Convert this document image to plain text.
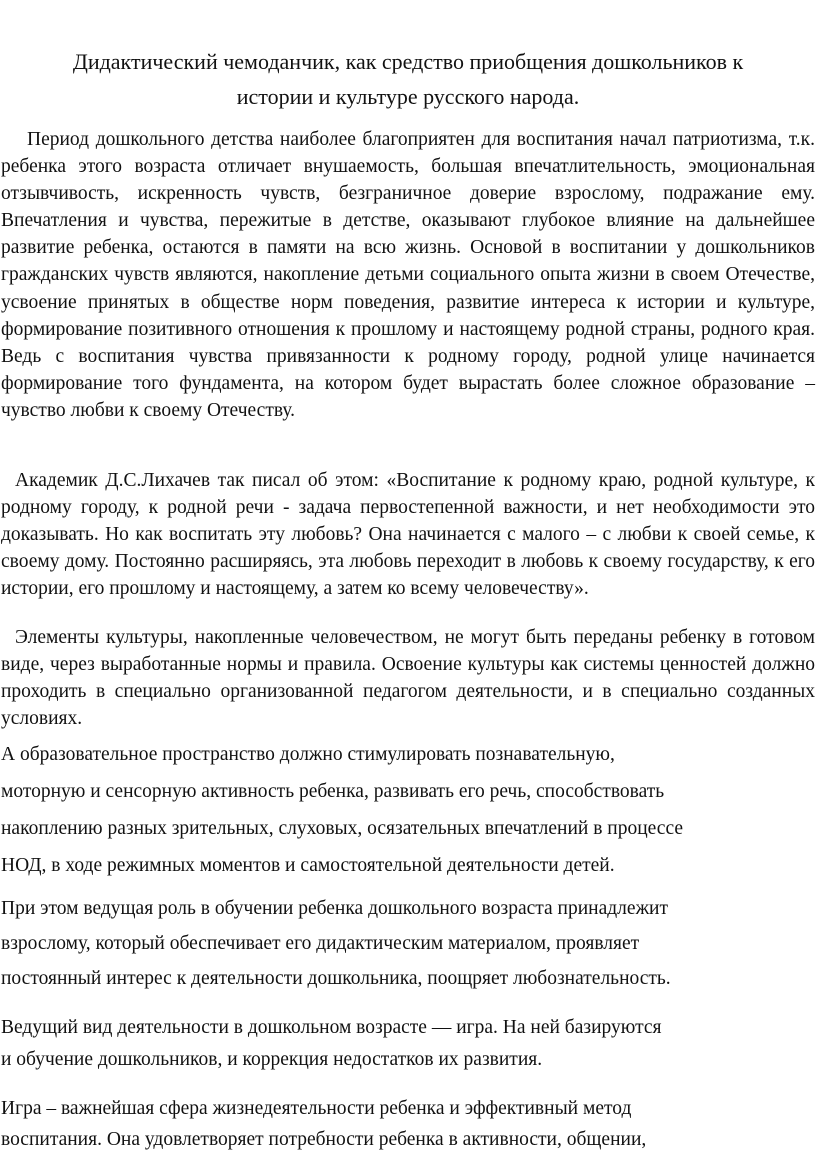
Дидактический чемоданчик, как средство приобщения дошкольников к
истории и культуре русского народа.

Период дошкольного детства наиболее благоприятен для воспитания начал патриотизма, т.к. ребенка этого возраста отличает внушаемость, большая впечатлительность, эмоциональная отзывчивость, искренность чувств, безграничное доверие взрослому, подражание ему. Впечатления и чувства, пережитые в детстве, оказывают глубокое влияние на дальнейшее развитие ребенка, остаются в памяти на всю жизнь. Основой в воспитании у дошкольников гражданских чувств являются, накопление детьми социального опыта жизни в своем Отечестве, усвоение принятых в обществе норм поведения, развитие интереса к истории и культуре, формирование позитивного отношения к прошлому и настоящему родной страны, родного края. Ведь с воспитания чувства привязанности к родному городу, родной улице начинается формирование того фундамента, на котором будет вырастать более сложное образование – чувство любви к своему Отечеству.

Академик Д.С.Лихачев так писал об этом: «Воспитание к родному краю, родной культуре, к родному городу, к родной речи - задача первостепенной важности, и нет необходимости это доказывать. Но как воспитать эту любовь? Она начинается с малого – с любви к своей семье, к своему дому. Постоянно расширяясь, эта любовь переходит в любовь к своему государству, к его истории, его прошлому и настоящему, а затем ко всему человечеству».

Элементы культуры, накопленные человечеством, не могут быть переданы ребенку в готовом виде, через выработанные нормы и правила. Освоение культуры как системы ценностей должно проходить в специально организованной педагогом деятельности, и в специально созданных условиях.

А образовательное пространство должно стимулировать познавательную,
моторную и сенсорную активность ребенка, развивать его речь, способствовать
накоплению разных зрительных, слуховых, осязательных впечатлений в процессе
НОД, в ходе режимных моментов и самостоятельной деятельности детей.
При этом ведущая роль в обучении ребенка дошкольного возраста принадлежит
взрослому, который обеспечивает его дидактическим материалом, проявляет
постоянный интерес к деятельности дошкольника, поощряет любознательность.
Ведущий вид деятельности в дошкольном возрасте — игра. На ней базируются
и обучение дошкольников, и коррекция недостатков их развития.
Игра – важнейшая сфера жизнедеятельности ребенка и эффективный метод
воспитания. Она удовлетворяет потребности ребенка в активности, общении,
